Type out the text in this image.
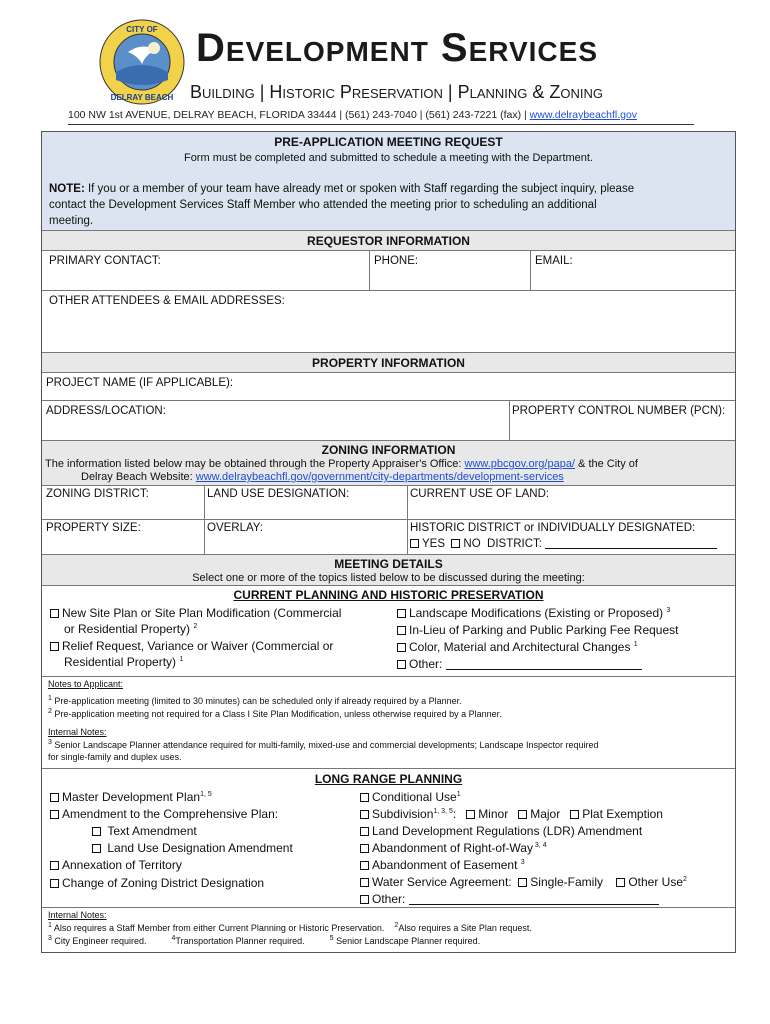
CITY OF
DELRAY BEACH
Development Services
Building | Historic Preservation | Planning & Zoning
100 NW 1st AVENUE, DELRAY BEACH, FLORIDA 33444 | (561) 243-7040 | (561) 243-7221 (fax) | www.delraybeachfl.gov
PRE-APPLICATION MEETING REQUEST
Form must be completed and submitted to schedule a meeting with the Department.
NOTE: If you or a member of your team have already met or spoken with Staff regarding the subject inquiry, please
contact the Development Services Staff Member who attended the meeting prior to scheduling an additional
meeting.
REQUESTOR INFORMATION
PRIMARY CONTACT:	PHONE:	EMAIL:
OTHER ATTENDEES & EMAIL ADDRESSES:
PROPERTY INFORMATION
PROJECT NAME (IF APPLICABLE):
ADDRESS/LOCATION:	PROPERTY CONTROL NUMBER (PCN):
ZONING INFORMATION
The information listed below may be obtained through the Property Appraiser's Office: www.pbcgov.org/papa/ & the City of
Delray Beach Website: www.delraybeachfl.gov/government/city-departments/development-services
ZONING DISTRICT:	LAND USE DESIGNATION:	CURRENT USE OF LAND:
PROPERTY SIZE:	OVERLAY:	HISTORIC DISTRICT or INDIVIDUALLY DESIGNATED:
YES NO DISTRICT:
MEETING DETAILS
Select one or more of the topics listed below to be discussed during the meeting:
CURRENT PLANNING AND HISTORIC PRESERVATION
New Site Plan or Site Plan Modification (Commercial
or Residential Property) $^2$
Relief Request, Variance or Waiver (Commercial or
Residential Property) $^1$
Landscape Modifications (Existing or Proposed) $^3$
In-Lieu of Parking and Public Parking Fee Request
Color, Material and Architectural Changes $^1$
Other:
Notes to Applicant:
$^1$ Pre-application meeting (limited to 30 minutes) can be scheduled only if already required by a Planner.
$^2$ Pre-application meeting not required for a Class I Site Plan Modification, unless otherwise required by a Planner.
Internal Notes:
$^3$ Senior Landscape Planner attendance required for multi-family, mixed-use and commercial developments; Landscape Inspector required
for single-family and duplex uses.
LONG RANGE PLANNING
Master Development Plan$^{1, 5}$
Amendment to the Comprehensive Plan:
Text Amendment
Land Use Designation Amendment
Annexation of Territory
Change of Zoning District Designation
Conditional Use$^1$
Subdivision$^{1, 3, 5}$:   Minor Major Plat Exemption
Land Development Regulations (LDR) Amendment
Abandonment of Right-of-Way $^{3, 4}$
Abandonment of Easement $^3$
Water Service Agreement: Single-Family Other Use$^2$
Other:
Internal Notes:
$^1$ Also requires a Staff Member from either Current Planning or Historic Preservation. $^2$Also requires a Site Plan request.
$^3$ City Engineer required.	$^4$Transportation Planner required.	$^5$ Senior Landscape Planner required.
